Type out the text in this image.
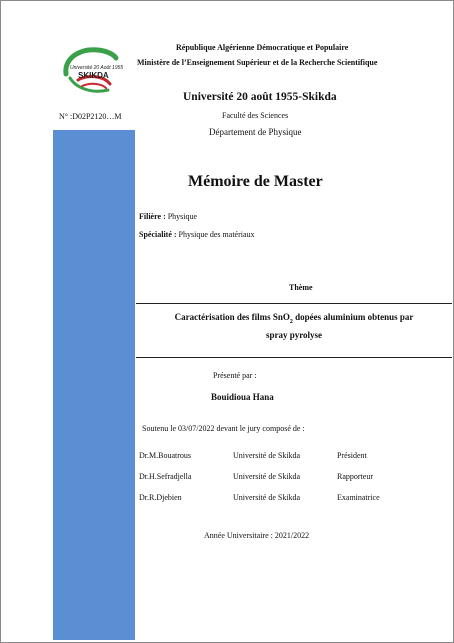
Université 20 Août 1955
SKIKDA
République Algérienne Démocratique et Populaire
Ministère de l’Enseignement Supérieur et de la Recherche Scientifique
Université 20 août 1955-Skikda
Faculté des Sciences
Département de Physique
N° :D02P2120…M
Mémoire de Master
Filière : Physique
Spécialité : Physique des matériaux
Thème
Caractérisation des films SnO$_2$ dopées aluminium obtenus par
spray pyrolyse
Présenté par :
Bouidioua Hana
Soutenu le 03/07/2022 devant le jury composé de :
Dr.M.Bouatrous	Université de Skikda	Président
Dr.H.Sefradjella	Université de Skikda	Rapporteur
Dr.R.Djebien	Université de Skikda	Examinatrice
Année Universitaire : 2021/2022
